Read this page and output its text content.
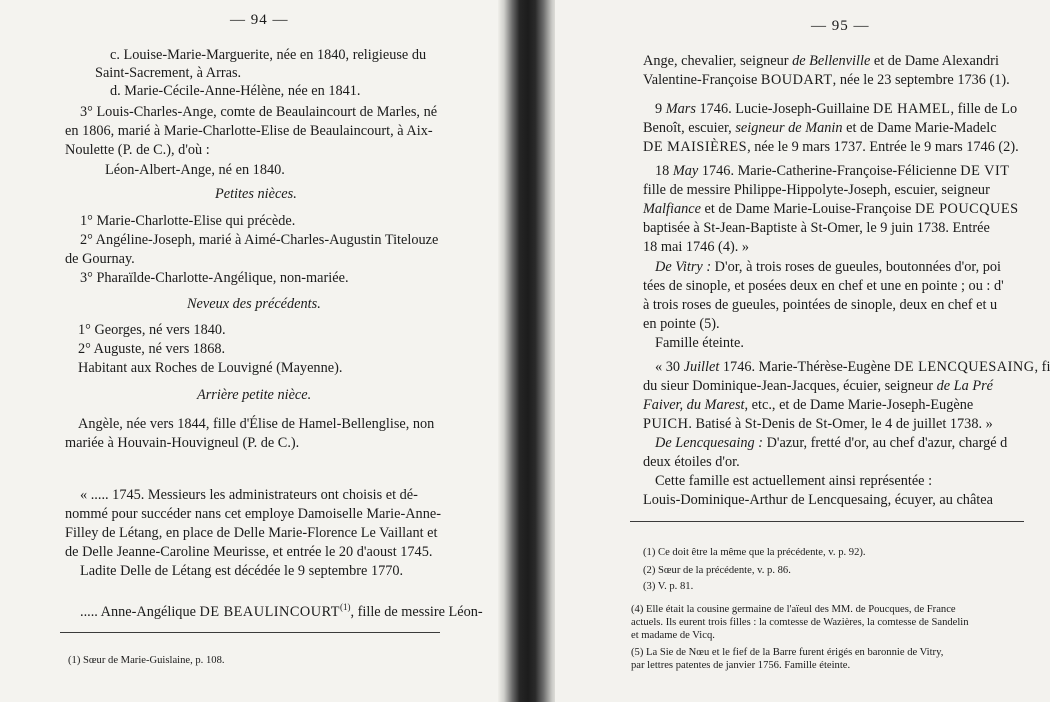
— 94 —
c. Louise-Marie-Marguerite, née en 1840, religieuse du
Saint-Sacrement, à Arras.
d. Marie-Cécile-Anne-Hélène, née en 1841.
3° Louis-Charles-Ange, comte de Beaulaincourt de Marles, né
en 1806, marié à Marie-Charlotte-Elise de Beaulaincourt, à Aix-
Noulette (P. de C.), d'où :
Léon-Albert-Ange, né en 1840.
Petites nièces.
1° Marie-Charlotte-Elise qui précède.
2° Angéline-Joseph, marié à Aimé-Charles-Augustin Titelouze
de Gournay.
3° Pharaïlde-Charlotte-Angélique, non-mariée.
Neveux des précédents.
1° Georges, né vers 1840.
2° Auguste, né vers 1868.
Habitant aux Roches de Louvigné (Mayenne).
Arrière petite nièce.
Angèle, née vers 1844, fille d'Élise de Hamel-Bellenglise, non
mariée à Houvain-Houvigneul (P. de C.).
« ..... 1745. Messieurs les administrateurs ont choisis et dé-
nommé pour succéder nans cet employe Damoiselle Marie-Anne-
Filley de Létang, en place de Delle Marie-Florence Le Vaillant et
de Delle Jeanne-Caroline Meurisse, et entrée le 20 d'aoust 1745.
Ladite Delle de Létang est décédée le 9 septembre 1770.
..... Anne-Angélique DE BEAULINCOURT$^{(1)}$, fille de messire Léon-
(1) Sœur de Marie-Guislaine, p. 108.
— 95 —
Ange, chevalier, seigneur de Bellenville et de Dame Alexandri
Valentine-Françoise BOUDART, née le 23 septembre 1736 (1).
9 Mars 1746. Lucie-Joseph-Guillaine DE HAMEL, fille de Lo
Benoît, escuier, seigneur de Manin et de Dame Marie-Madelc
DE MAISIÈRES, née le 9 mars 1737. Entrée le 9 mars 1746 (2).
18 May 1746. Marie-Catherine-Françoise-Félicienne DE VIT
fille de messire Philippe-Hippolyte-Joseph, escuier, seigneur
Malfiance et de Dame Marie-Louise-Françoise DE POUCQUES
baptisée à St-Jean-Baptiste à St-Omer, le 9 juin 1738. Entrée
18 mai 1746 (4). »
De Vitry : D'or, à trois roses de gueules, boutonnées d'or, poi
tées de sinople, et posées deux en chef et une en pointe ; ou : d'
à trois roses de gueules, pointées de sinople, deux en chef et u
en pointe (5).
Famille éteinte.
« 30 Juillet 1746. Marie-Thérèse-Eugène DE LENCQUESAING, fi
du sieur Dominique-Jean-Jacques, écuier, seigneur de La Pré
Faiver, du Marest, etc., et de Dame Marie-Joseph-Eugène
PUICH. Batisé à St-Denis de St-Omer, le 4 de juillet 1738. »
De Lencquesaing : D'azur, fretté d'or, au chef d'azur, chargé d
deux étoiles d'or.
Cette famille est actuellement ainsi représentée :
Louis-Dominique-Arthur de Lencquesaing, écuyer, au châtea
(1) Ce doit être la même que la précédente, v. p. 92).
(2) Sœur de la précédente, v. p. 86.
(3) V. p. 81.
(4) Elle était la cousine germaine de l'aïeul des MM. de Poucques, de France
actuels. Ils eurent trois filles : la comtesse de Wazières, la comtesse de Sandelin
et madame de Vicq.
(5) La Sie de Nœu et le fief de la Barre furent érigés en baronnie de Vitry,
par lettres patentes de janvier 1756. Famille éteinte.
